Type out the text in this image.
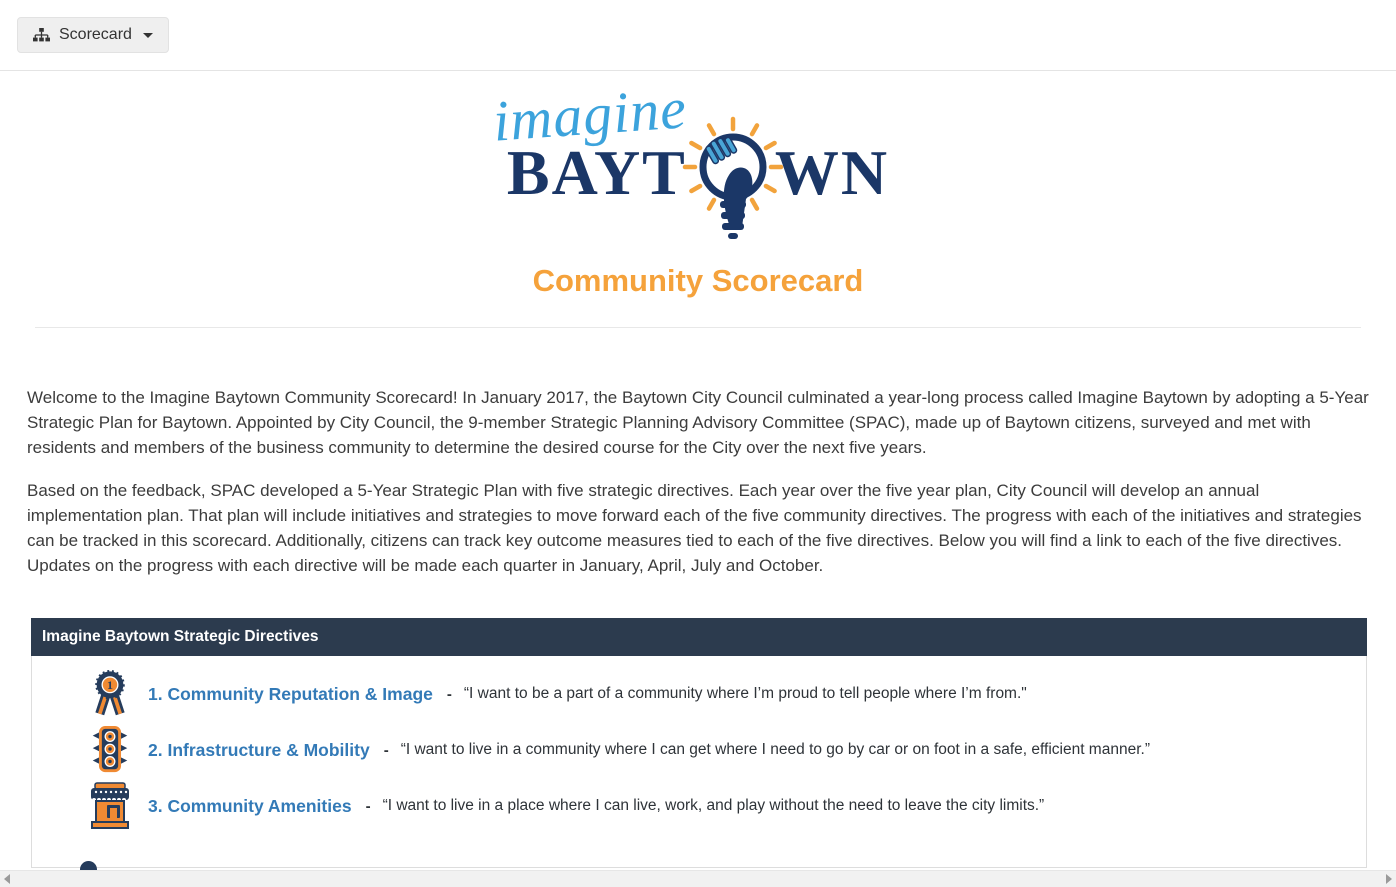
Scorecard
imagine
BAYT WN
Community Scorecard

Welcome to the Imagine Baytown Community Scorecard! In January 2017, the Baytown City Council culminated a year-long process called Imagine Baytown by adopting a 5-Year Strategic Plan for Baytown. Appointed by City Council, the 9-member Strategic Planning Advisory Committee (SPAC), made up of Baytown citizens, surveyed and met with residents and members of the business community to determine the desired course for the City over the next five years.

Based on the feedback, SPAC developed a 5-Year Strategic Plan with five strategic directives. Each year over the five year plan, City Council will develop an annual implementation plan. That plan will include initiatives and strategies to move forward each of the five community directives. The progress with each of the initiatives and strategies can be tracked in this scorecard. Additionally, citizens can track key outcome measures tied to each of the five directives. Below you will find a link to each of the five directives. Updates on the progress with each directive will be made each quarter in January, April, July and October.

Imagine Baytown Strategic Directives
1 1. Community Reputation & Image - “I want to be a part of a community where I’m proud to tell people where I’m from."
2. Infrastructure & Mobility - “I want to live in a community where I can get where I need to go by car or on foot in a safe, efficient manner.”
3. Community Amenities - “I want to live in a place where I can live, work, and play without the need to leave the city limits.”
